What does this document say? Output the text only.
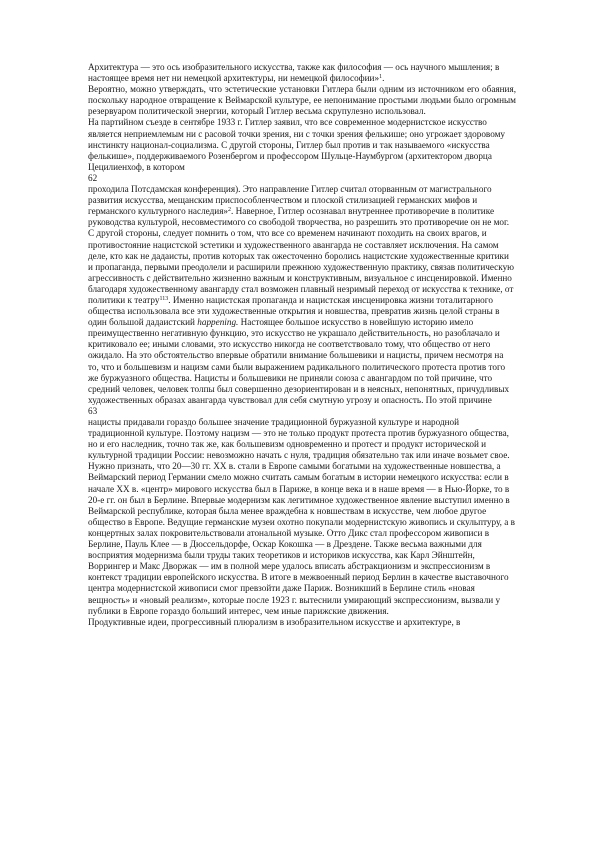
Архитектура — это ось изобразительного искусства, также как философия — ось научного мышления; в настоящее время нет ни немецкой архитектуры, ни немецкой философии»$^1$.

Вероятно, можно утверждать, что эстетические установки Гитлера были одним из источником его обаяния, поскольку народное отвращение к Веймарской культуре, ее непонимание простыми людьми было огромным резервуаром политической энергии, который Гитлер весьма скрупулезно использовал.

На партийном съезде в сентябре 1933 г. Гитлер заявил, что все современное модернистское искусство является неприемлемым ни с расовой точки зрения, ни с точки зрения фелькише; оно угрожает здоровому инстинкту национал-социализма. С другой стороны, Гитлер был против и так называемого «искусства фелькише», поддерживаемого Розенбергом и профессором Шульце-Наумбургом (архитектором дворца Цецилиенхоф, в котором

62

проходила Потсдамская конференция). Это направление Гитлер считал оторванным от магистрального развития искусства, мещанским приспособленчеством и плоской стилизацией германских мифов и германского культурного наследия»$^2$. Наверное, Гитлер осознавал внутреннее противоречие в политике руководства культурой, несовместимого со свободой творчества, но разрешить это противоречие он не мог.

С другой стороны, следует помнить о том, что все со временем начинают походить на своих врагов, и противостояние нацистской эстетики и художественного авангарда не составляет исключения. На самом деле, кто как не дадаисты, против которых так ожесточенно боролись нацистские художественные критики и пропаганда, первыми преодолели и расширили прежнюю художественную практику, связав политическую агрессивность с действительно жизненно важным и конструктивным, визуальное с инсценировкой. Именно благодаря художественному авангарду стал возможен плавный незримый переход от искусства к технике, от политики к театру$^{113}$. Именно нацистская пропаганда и нацистская инсценировка жизни тоталитарного общества использовала все эти художественные открытия и новшества, превратив жизнь целой страны в один большой дадаистский happening. Настоящее большое искусство в новейшую историю имело преимущественно негативную функцию, это искусство не украшало действительность, но разоблачало и критиковало ее; иными словами, это искусство никогда не соответствовало тому, что общество от него ожидало. На это обстоятельство впервые обратили внимание большевики и нацисты, причем несмотря на то, что и большевизм и нацизм сами были выражением радикального политического протеста против того же буржуазного общества. Нацисты и большевики не приняли союза с авангардом по той причине, что средний человек, человек толпы был совершенно дезориентирован и в неясных, непонятных, причудливых художественных образах авангарда чувствовал для себя смутную угрозу и опасность. По этой причине

63

нацисты придавали гораздо большее значение традиционной буржуазной культуре и народной традиционной культуре. Поэтому нацизм — это не только продукт протеста против буржуазного общества, но и его наследник, точно так же, как большевизм одновременно и протест и продукт исторической и культурной традиции России: невозможно начать с нуля, традиция обязательно так или иначе возьмет свое.

Нужно признать, что 20—30 гг. XX в. стали в Европе самыми богатыми на художественные новшества, а Веймарский период Германии смело можно считать самым богатым в истории немецкого искусства: если в начале XX в. «центр» мирового искусства был в Париже, в конце века и в наше время — в Нью-Йорке, то в 20-е гг. он был в Берлине. Впервые модернизм как легитимное художественное явление выступил именно в Веймарской республике, которая была менее враждебна к новшествам в искусстве, чем любое другое общество в Европе. Ведущие германские музеи охотно покупали модернистскую живопись и скульптуру, а в концертных залах покровительствовали атональной музыке. Отто Дикс стал профессором живописи в Берлине, Пауль Клее — в Дюссельдорфе, Оскар Кокошка — в Дрездене. Также весьма важными для восприятия модернизма были труды таких теоретиков и историков искусства, как Карл Эйнштейн, Воррингер и Макс Дворжак — им в полной мере удалось вписать абстракционизм и экспрессионизм в контекст традиции европейского искусства. В итоге в межвоенный период Берлин в качестве выставочного центра модернистской живописи смог превзойти даже Париж. Возникший в Берлине стиль «новая вещность» и «новый реализм», которые после 1923 г. вытеснили умирающий экспрессионизм, вызвали у публики в Европе гораздо больший интерес, чем иные парижские движения.

Продуктивные идеи, прогрессивный плюрализм в изобразительном искусстве и архитектуре, в
